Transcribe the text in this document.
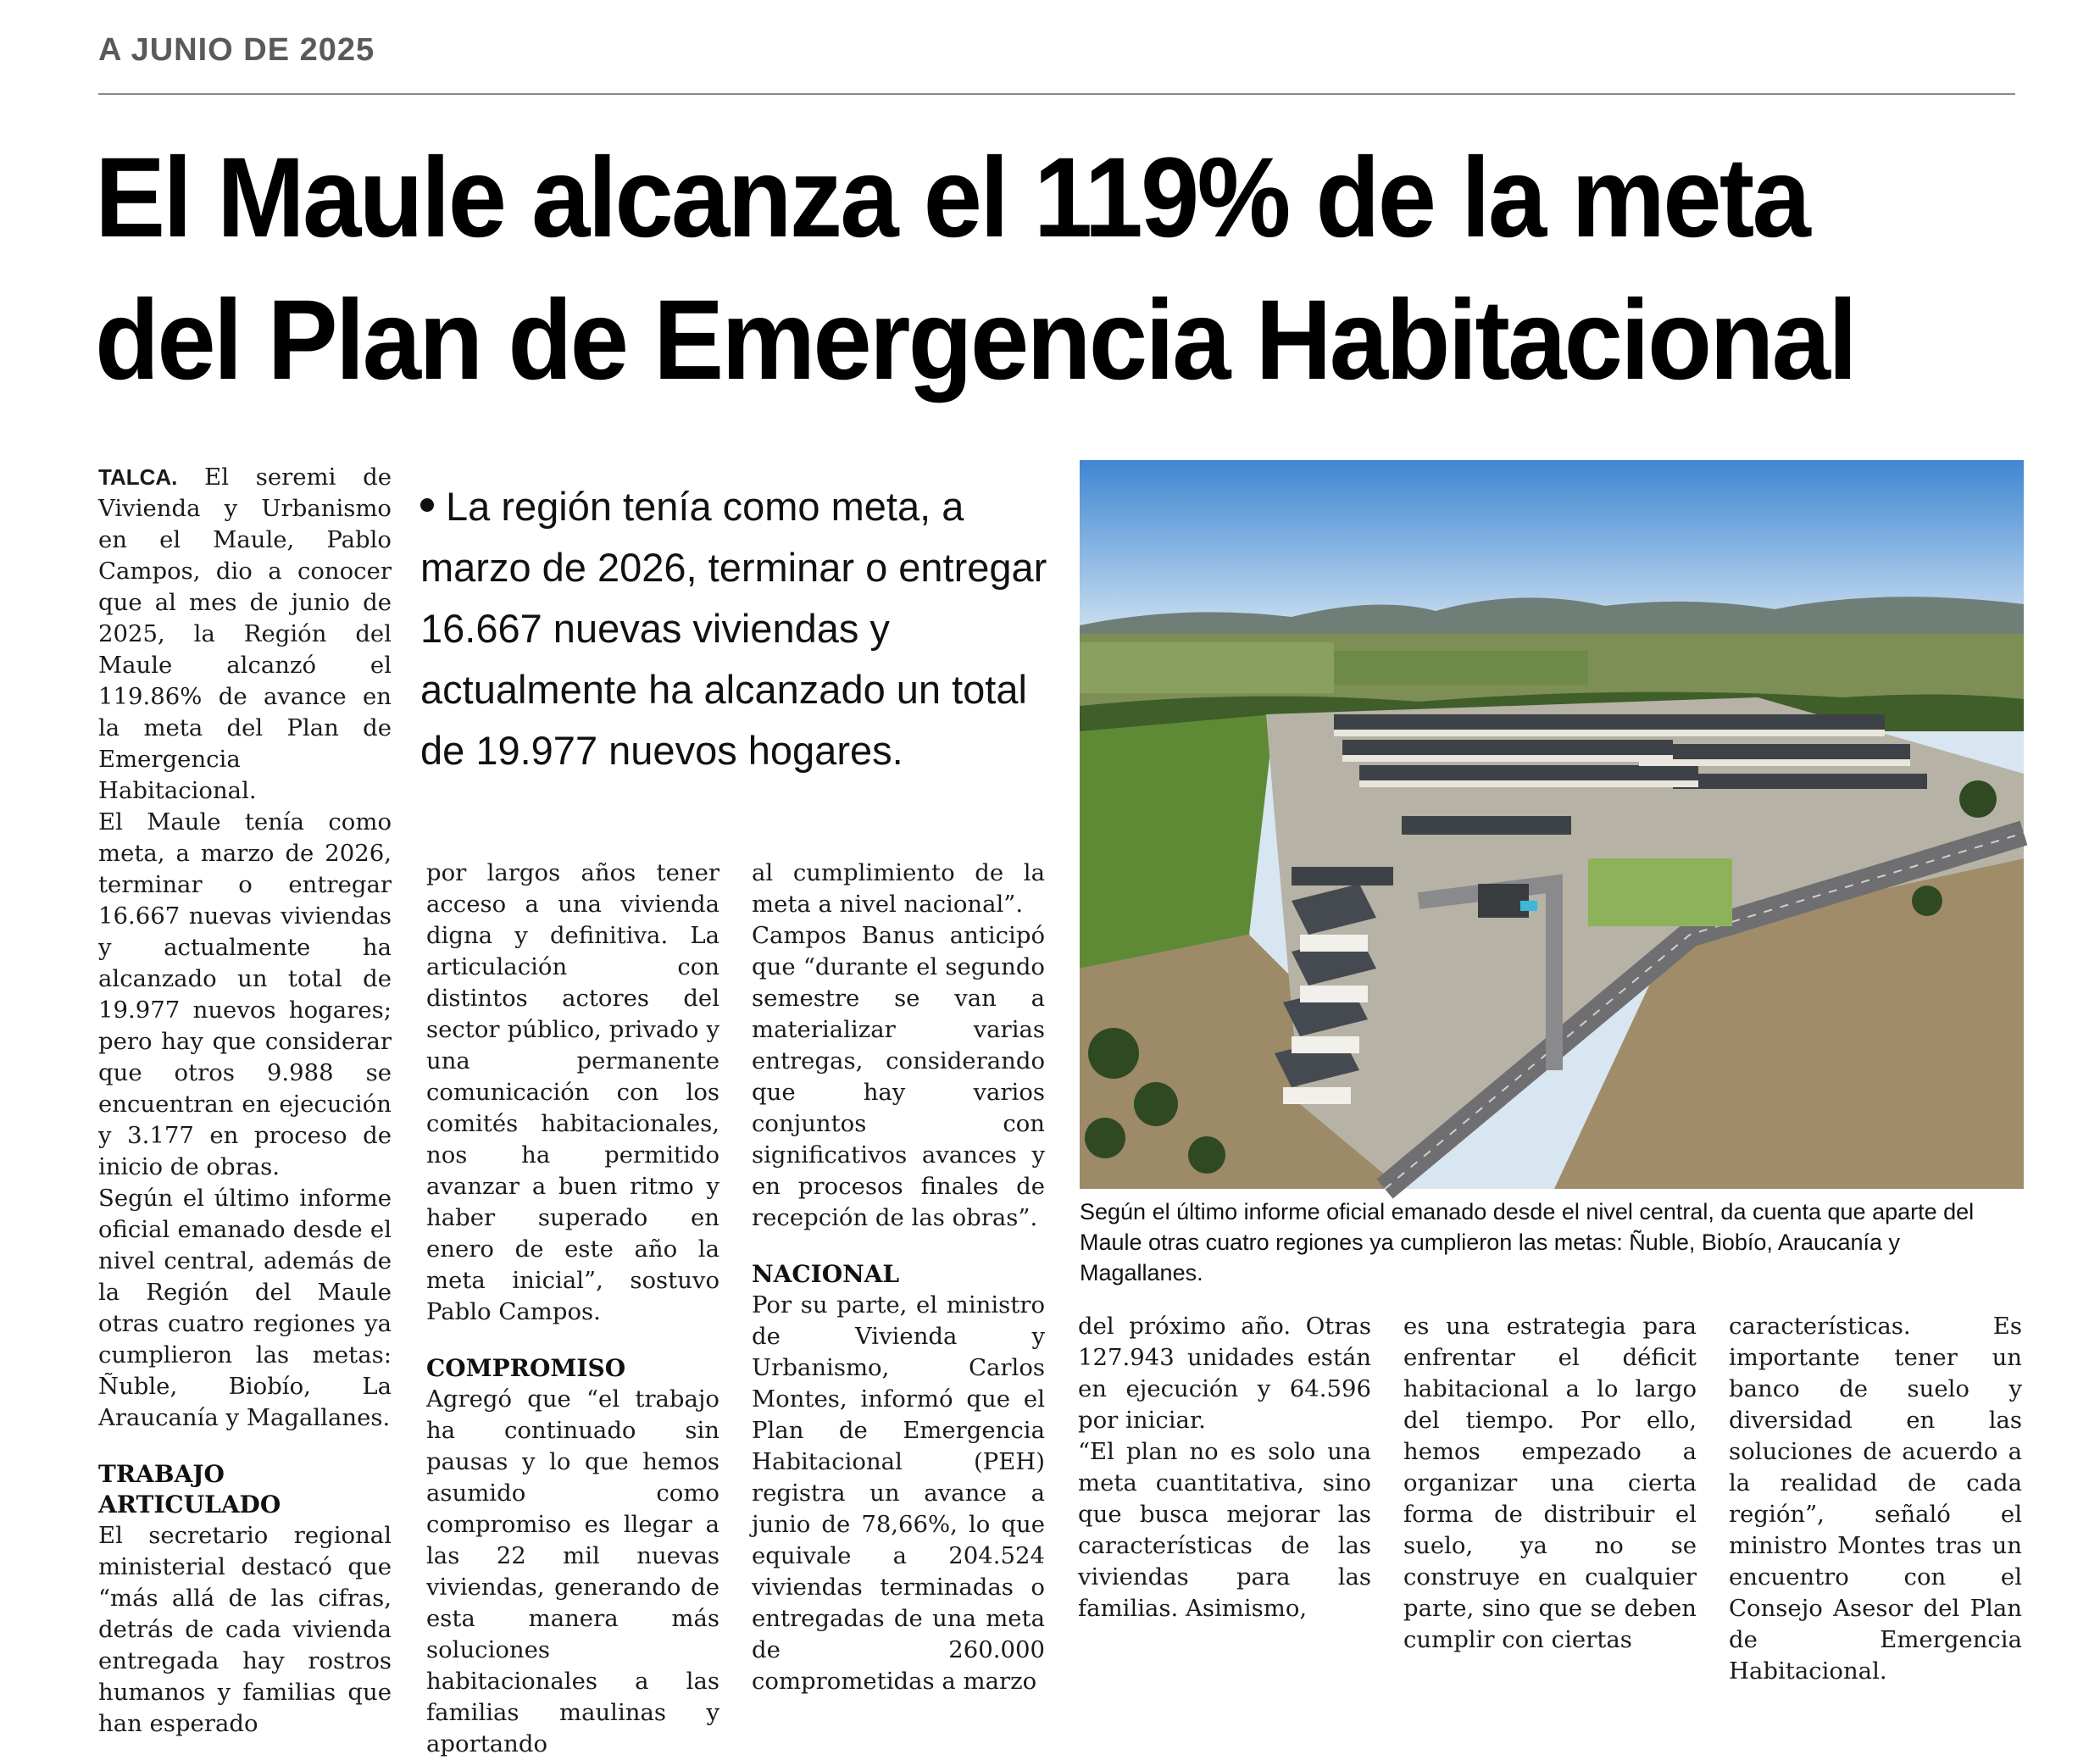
A JUNIO DE 2025
El Maule alcanza el 119% de la meta
del Plan de Emergencia Habitacional

TALCA. El seremi de Vivienda y Urbanismo en el Maule, Pablo Campos, dio a conocer que al mes de junio de 2025, la Región del Maule alcanzó el 119.86% de avance en la meta del Plan de Emergencia Habitacional.

El Maule tenía como meta, a marzo de 2026, terminar o entregar 16.667 nuevas viviendas y actualmente ha alcanzado un total de 19.977 nuevos hogares; pero hay que considerar que otros 9.988 se encuentran en ejecución y 3.177 en proceso de inicio de obras.

Según el último informe oficial emanado desde el nivel central, además de la Región del Maule otras cuatro regiones ya cumplieron las metas: Ñuble, Biobío, La Araucanía y Magallanes.

TRABAJO ARTICULADO

El secretario regional ministerial destacó que “más allá de las cifras, detrás de cada vivienda entregada hay rostros humanos y familias que han esperado

La región tenía como meta, a marzo de 2026, terminar o entregar 16.667 nuevas viviendas y actualmente ha alcanzado un total de 19.977 nuevos hogares.

por largos años tener acceso a una vivienda digna y definitiva. La articulación con distintos actores del sector público, privado y una permanente comunicación con los comités habitacionales, nos ha permitido avanzar a buen ritmo y haber superado en enero de este año la meta inicial”, sostuvo Pablo Campos.

COMPROMISO

Agregó que “el trabajo ha continuado sin pausas y lo que hemos asumido como compromiso es llegar a las 22 mil nuevas viviendas, generando de esta manera más soluciones habitacionales a las familias maulinas y aportando

al cumplimiento de la meta a nivel nacional”.

Campos Banus anticipó que “durante el segundo semestre se van a materializar varias entregas, considerando que hay varios conjuntos con significativos avances y en procesos finales de recepción de las obras”.

NACIONAL

Por su parte, el ministro de Vivienda y Urbanismo, Carlos Montes, informó que el Plan de Emergencia Habitacional (PEH) registra un avance a junio de 78,66%, lo que equivale a 204.524 viviendas terminadas o entregadas de una meta de 260.000 comprometidas a marzo

Según el último informe oficial emanado desde el nivel central, da cuenta que aparte del Maule otras cuatro regiones ya cumplieron las metas: Ñuble, Biobío, Araucanía y Magallanes.

del próximo año. Otras 127.943 unidades están en ejecución y 64.596 por iniciar.

“El plan no es solo una meta cuantitativa, sino que busca mejorar las características de las viviendas para las familias. Asimismo,

es una estrategia para enfrentar el déficit habitacional a lo largo del tiempo. Por ello, hemos empezado a organizar una cierta forma de distribuir el suelo, ya no se construye en cualquier parte, sino que se deben cumplir con ciertas

características. Es importante tener un banco de suelo y diversidad en las soluciones de acuerdo a la realidad de cada región”, señaló el ministro Montes tras un encuentro con el Consejo Asesor del Plan de Emergencia Habitacional.
